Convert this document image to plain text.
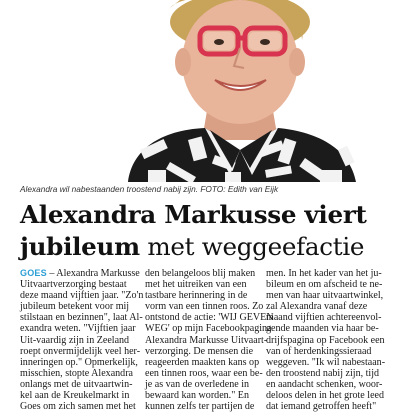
Alexandra wil nabestaanden troostend nabij zijn. FOTO: Edith van Eijk
Alexandra Markusse viert
jubileum met weggeefactie
GOES – Alexandra Markusse
Uitvaartverzorging bestaat
deze maand vijftien jaar. "Zo'n
jubileum betekent voor mij
stilstaan en bezinnen", laat Al-
exandra weten. "Vijftien jaar
Uit-vaardig zijn in Zeeland
roept onvermijdelijk veel her-
inneringen op." Opmerkelijk,
misschien, stopte Alexandra
onlangs met de uitvaartwin-
kel aan de Kreukelmarkt in
Goes om zich samen met het
den belangeloos blij maken
met het uitreiken van een
tastbare herinnering in de
vorm van een tinnen roos. Zo
ontstond de actie: 'WIJ GEVEN
WEG' op mijn Facebookpagina
Alexandra Markusse Uitvaart-
verzorging. De mensen die
reageerden maakten kans op
een tinnen roos, waar een be-
je as van de overledene in
bewaard kan worden." En
kunnen zelfs ter partijen de
men. In het kader van het ju-
bileum en om afscheid te ne-
men van haar uitvaartwinkel,
zal Alexandra vanaf deze
maand vijftien achtereenvol-
gende maanden via haar be-
drijfspagina op Facebook een
van of herdenkingssieraad
weggeven. "Ik wil nabestaan-
den troostend nabij zijn, tijd
en aandacht schenken, woor-
deloos delen in het grote leed
dat iemand getroffen heeft"
